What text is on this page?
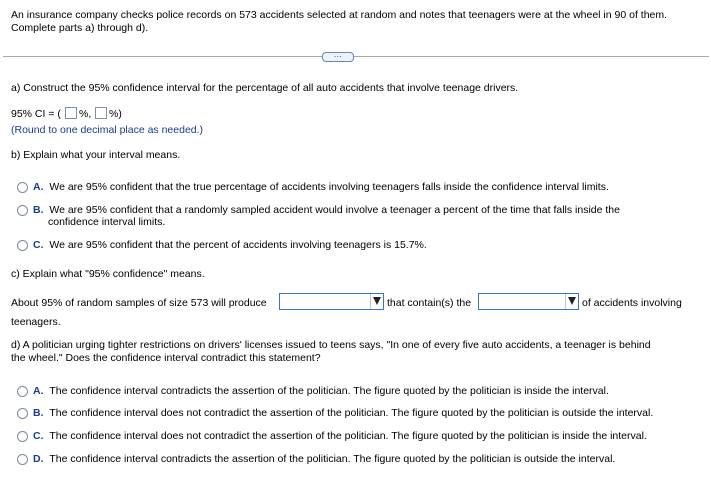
An insurance company checks police records on 573 accidents selected at random and notes that teenagers were at the wheel in 90 of them.
Complete parts a) through d).
⋯
a) Construct the 95% confidence interval for the percentage of all auto accidents that involve teenage drivers.
95% CI = ( %, %)
(Round to one decimal place as needed.)
b) Explain what your interval means.
A. We are 95% confident that the true percentage of accidents involving teenagers falls inside the confidence interval limits.
B. We are 95% confident that a randomly sampled accident would involve a teenager a percent of the time that falls inside the
confidence interval limits.
C. We are 95% confident that the percent of accidents involving teenagers is 15.7%.
c) Explain what "95% confidence" means.
About 95% of random samples of size 573 will produce	that contain(s) the	of accidents involving
teenagers.
d) A politician urging tighter restrictions on drivers' licenses issued to teens says, "In one of every five auto accidents, a teenager is behind
the wheel." Does the confidence interval contradict this statement?
A. The confidence interval contradicts the assertion of the politician. The figure quoted by the politician is inside the interval.
B. The confidence interval does not contradict the assertion of the politician. The figure quoted by the politician is outside the interval.
C. The confidence interval does not contradict the assertion of the politician. The figure quoted by the politician is inside the interval.
D. The confidence interval contradicts the assertion of the politician. The figure quoted by the politician is outside the interval.
